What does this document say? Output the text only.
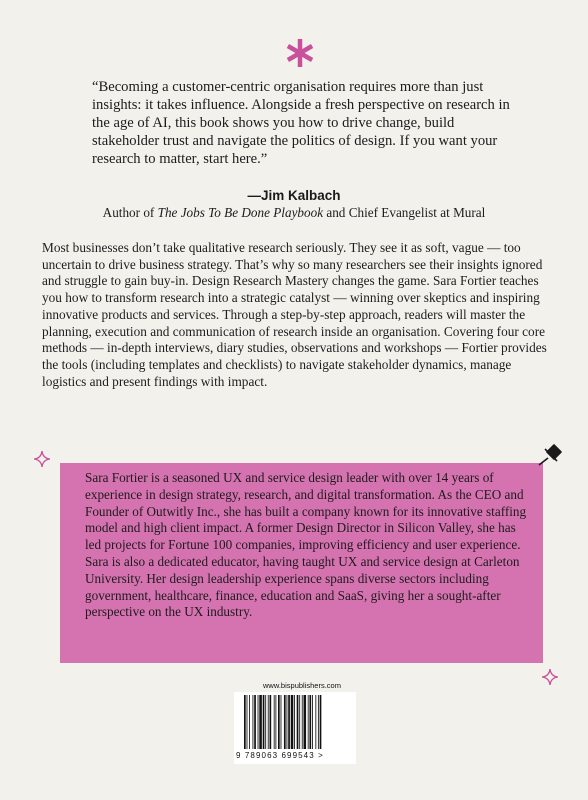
“Becoming a customer-centric organisation requires more than just insights: it takes influence. Alongside a fresh perspective on research in the age of AI, this book shows you how to drive change, build stakeholder trust and navigate the politics of design. If you want your research to matter, start here.”
—Jim Kalbach
Author of The Jobs To Be Done Playbook and Chief Evangelist at Mural
Most businesses don’t take qualitative research seriously. They see it as soft, vague — too uncertain to drive business strategy. That’s why so many researchers see their insights ignored and struggle to gain buy-in. Design Research Mastery changes the game. Sara Fortier teaches you how to transform research into a strategic catalyst — winning over skeptics and inspiring innovative products and services. Through a step-by-step approach, readers will master the planning, execution and communication of research inside an organisation. Covering four core methods — in-depth interviews, diary studies, observations and workshops — Fortier provides the tools (including templates and checklists) to navigate stakeholder dynamics, manage logistics and present findings with impact.
Sara Fortier is a seasoned UX and service design leader with over 14 years of experience in design strategy, research, and digital transformation. As the CEO and Founder of Outwitly Inc., she has built a company known for its innovative staffing model and high client impact. A former Design Director in Silicon Valley, she has led projects for Fortune 100 companies, improving efficiency and user experience. Sara is also a dedicated educator, having taught UX and service design at Carleton University. Her design leadership experience spans diverse sectors including government, healthcare, finance, education and SaaS, giving her a sought-after perspective on the UX industry.
www.bispublishers.com
9 789063 699543 >
